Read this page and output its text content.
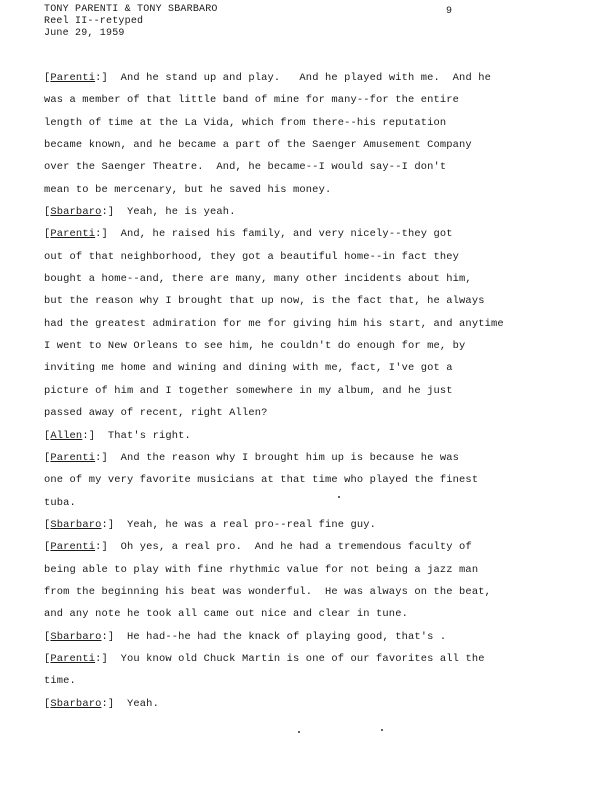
TONY PARENTI & TONY SBARBARO
Reel II--retyped
June 29, 1959
9
[Parenti:]  And he stand up and play.   And he played with me.  And he
was a member of that little band of mine for many--for the entire
length of time at the La Vida, which from there--his reputation
became known, and he became a part of the Saenger Amusement Company
over the Saenger Theatre.  And, he became--I would say--I don't
mean to be mercenary, but he saved his money.
[Sbarbaro:]  Yeah, he is yeah.
[Parenti:]  And, he raised his family, and very nicely--they got
out of that neighborhood, they got a beautiful home--in fact they
bought a home--and, there are many, many other incidents about him,
but the reason why I brought that up now, is the fact that, he always
had the greatest admiration for me for giving him his start, and anytime
I went to New Orleans to see him, he couldn't do enough for me, by
inviting me home and wining and dining with me, fact, I've got a
picture of him and I together somewhere in my album, and he just
passed away of recent, right Allen?
[Allen:]  That's right.
[Parenti:]  And the reason why I brought him up is because he was
one of my very favorite musicians at that time who played the finest
tuba.
[Sbarbaro:]  Yeah, he was a real pro--real fine guy.
[Parenti:]  Oh yes, a real pro.  And he had a tremendous faculty of
being able to play with fine rhythmic value for not being a jazz man
from the beginning his beat was wonderful.  He was always on the beat,
and any note he took all came out nice and clear in tune.
[Sbarbaro:]  He had--he had the knack of playing good, that's .
[Parenti:]  You know old Chuck Martin is one of our favorites all the
time.
[Sbarbaro:]  Yeah.
